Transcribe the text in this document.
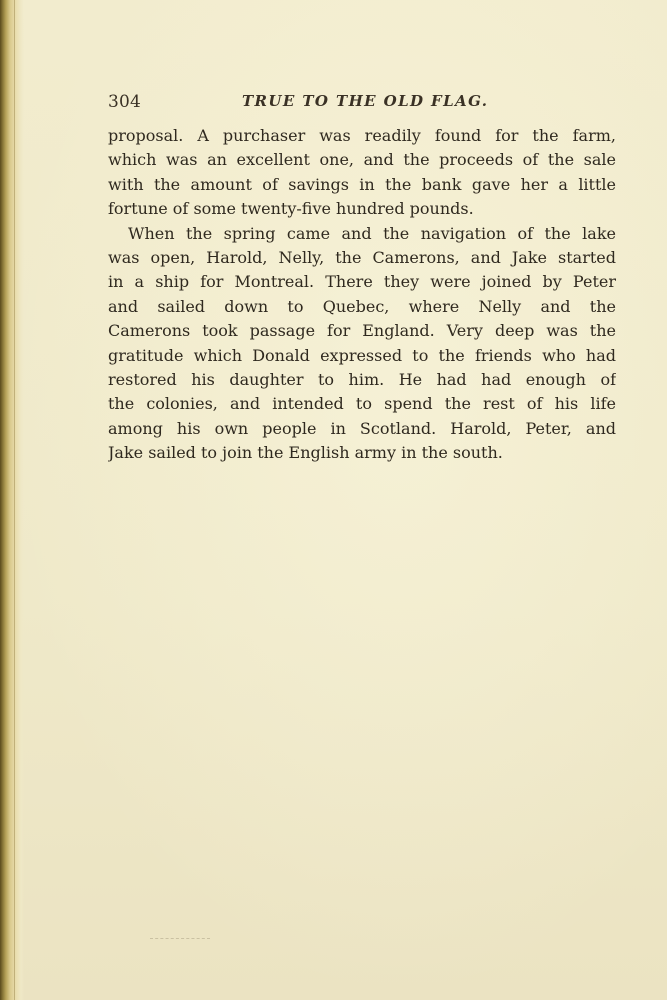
304	TRUE TO THE OLD FLAG.
proposal. A purchaser was readily found for the farm,
which was an excellent one, and the proceeds of the sale
with the amount of savings in the bank gave her a little
fortune of some twenty-five hundred pounds.
When the spring came and the navigation of the lake
was open, Harold, Nelly, the Camerons, and Jake started
in a ship for Montreal. There they were joined by Peter
and sailed down to Quebec, where Nelly and the
Camerons took passage for England. Very deep was the
gratitude which Donald expressed to the friends who had
restored his daughter to him. He had had enough of
the colonies, and intended to spend the rest of his life
among his own people in Scotland. Harold, Peter, and
Jake sailed to join the English army in the south.
